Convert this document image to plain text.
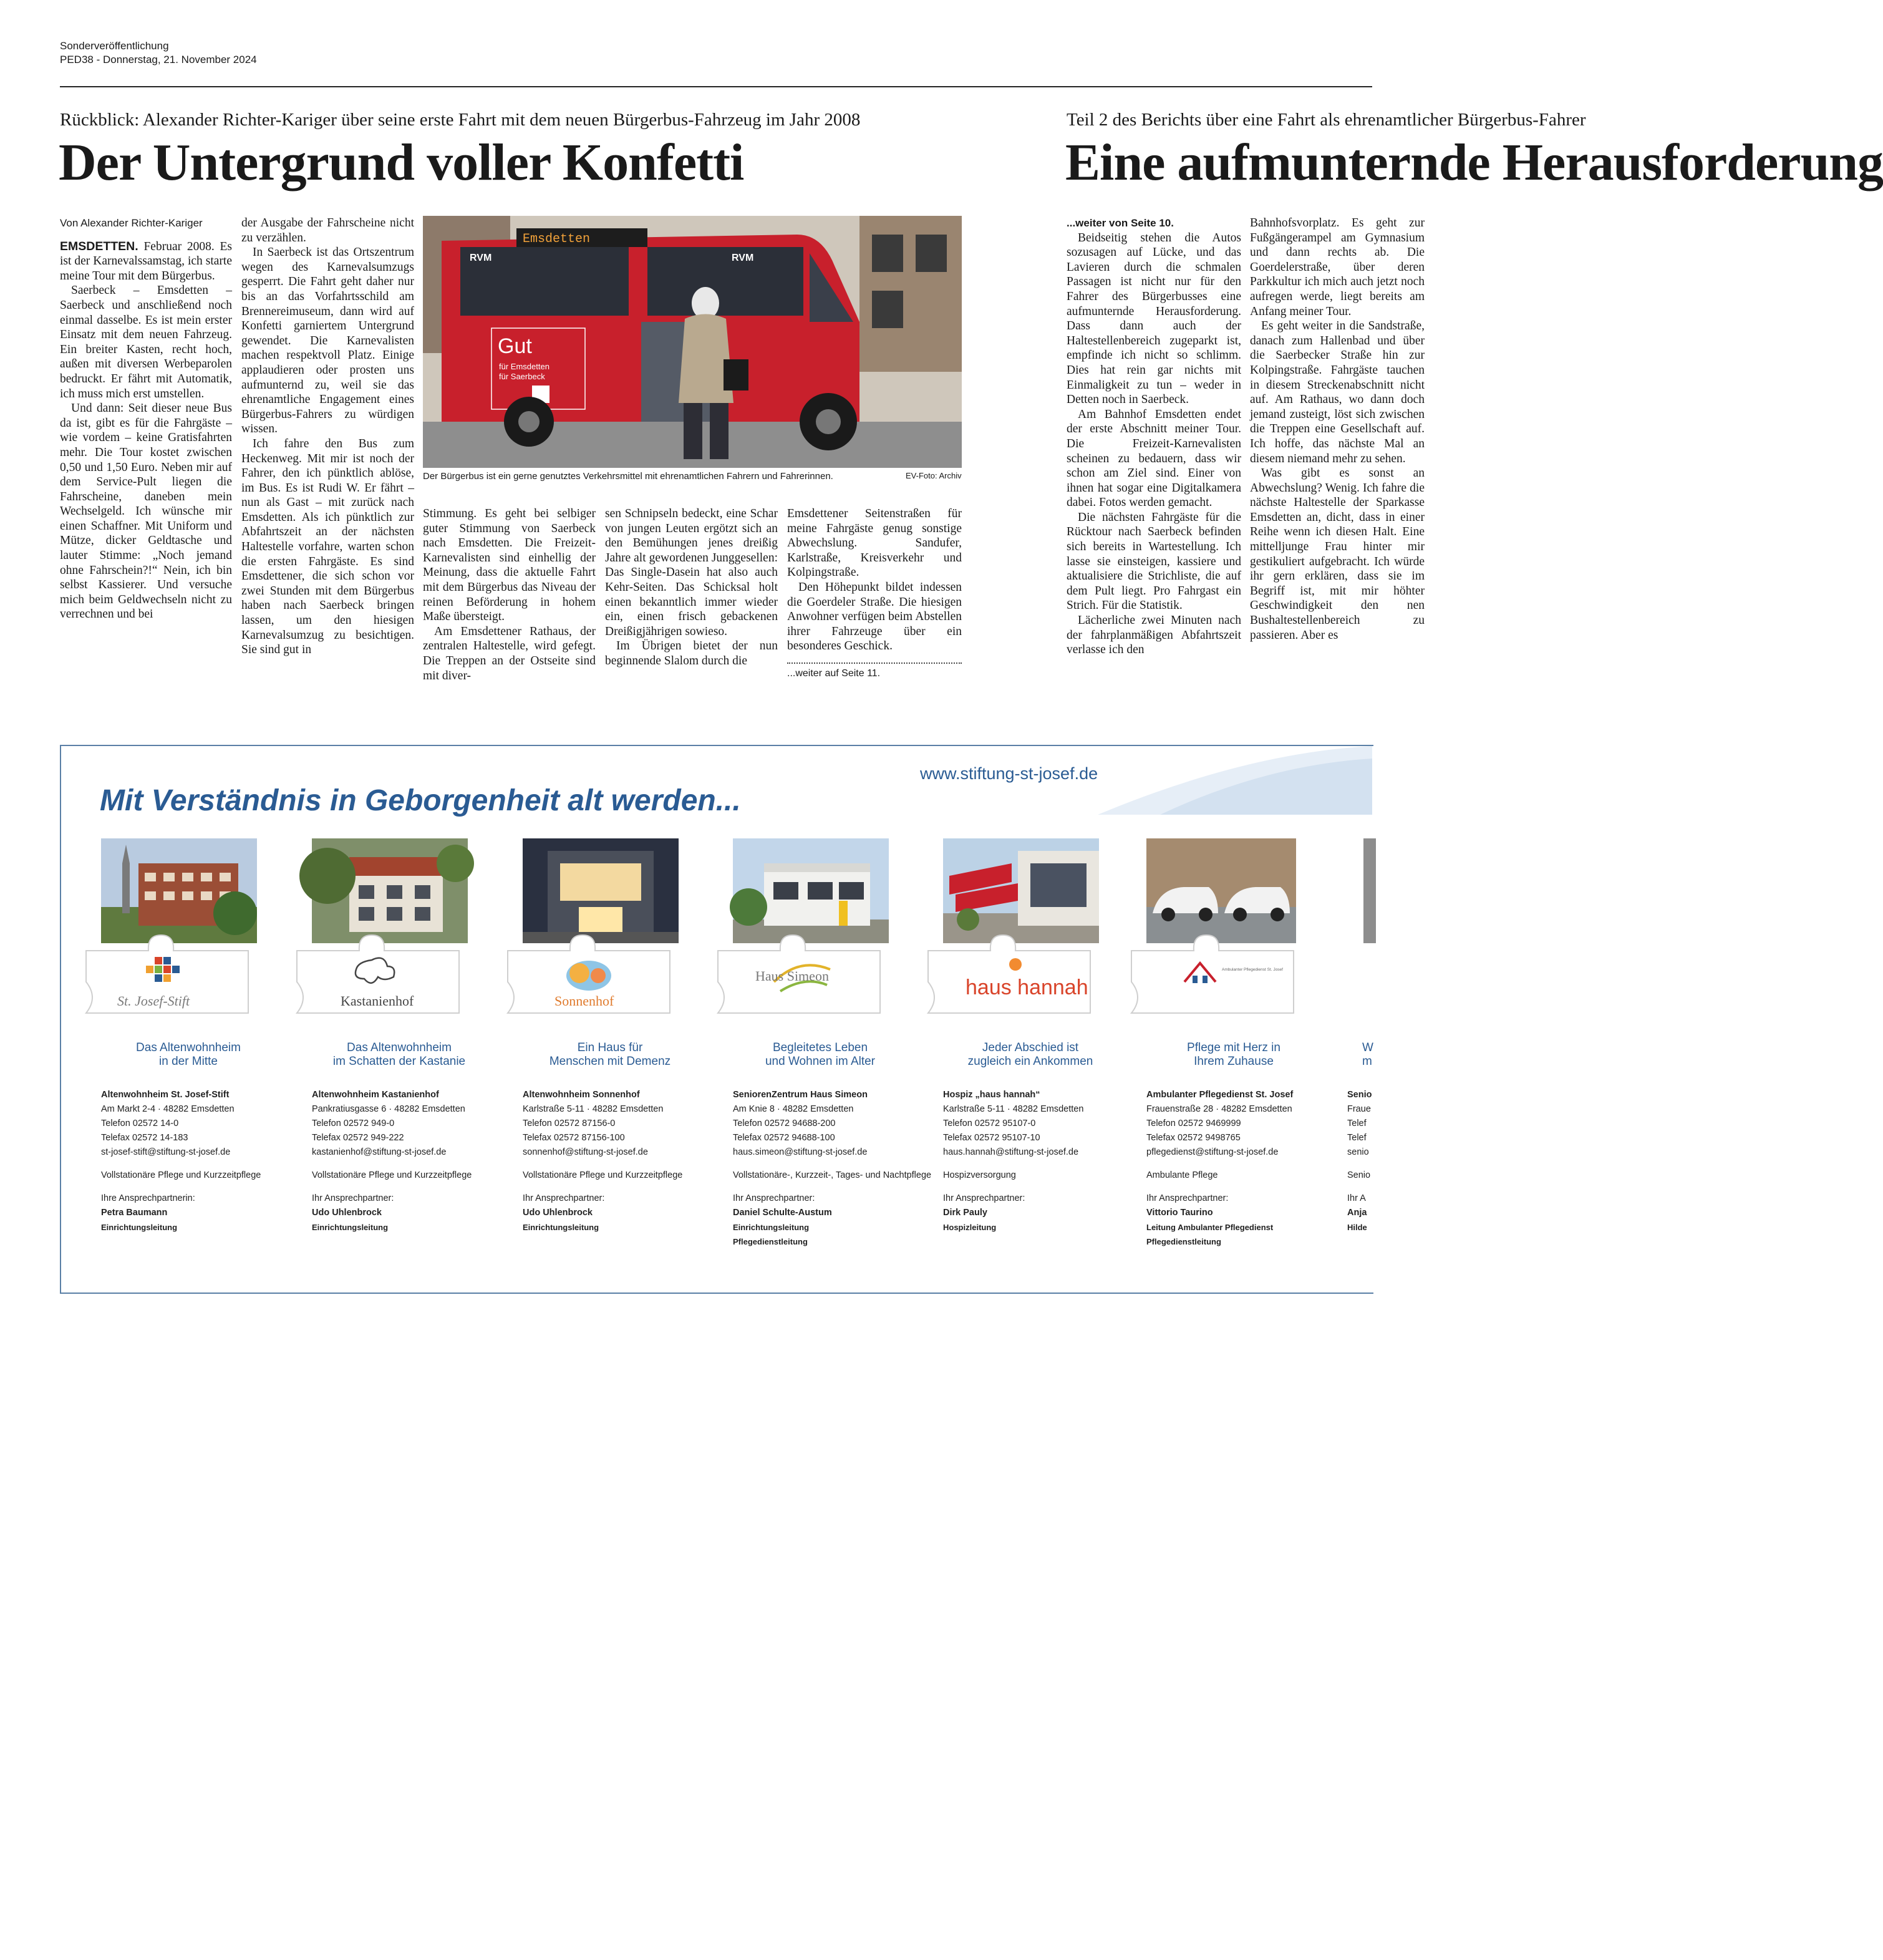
Sonderveröffentlichung
PED38 - Donnerstag, 21. November 2024
Rückblick: Alexander Richter-Kariger über seine erste Fahrt mit dem neuen Bürgerbus-Fahrzeug im Jahr 2008
Der Untergrund voller Konfetti
Von Alexander Richter-Kariger

EMSDETTEN. Februar 2008. Es ist der Karnevalssamstag, ich starte meine Tour mit dem Bürgerbus.

Saerbeck – Emsdetten – Saerbeck und anschließend noch einmal dasselbe. Es ist mein erster Einsatz mit dem neuen Fahrzeug. Ein breiter Kasten, recht hoch, außen mit diversen Werbeparolen bedruckt. Er fährt mit Automatik, ich muss mich erst umstellen.

Und dann: Seit dieser neue Bus da ist, gibt es für die Fahrgäste – wie vordem – keine Gratisfahrten mehr. Die Tour kostet zwischen 0,50 und 1,50 Euro. Neben mir auf dem Service-Pult liegen die Fahrscheine, daneben mein Wechselgeld. Ich wünsche mir einen Schaffner. Mit Uniform und Mütze, dicker Geldtasche und lauter Stimme: „Noch jemand ohne Fahrschein?!“ Nein, ich bin selbst Kassierer. Und versuche mich beim Geldwechseln nicht zu verrechnen und bei

der Ausgabe der Fahrscheine nicht zu verzählen.

In Saerbeck ist das Ortszentrum wegen des Karnevalsumzugs gesperrt. Die Fahrt geht daher nur bis an das Vorfahrtsschild am Brennereimuseum, dann wird auf Konfetti garniertem Untergrund gewendet. Die Karnevalisten machen respektvoll Platz. Einige applaudieren oder prosten uns aufmunternd zu, weil sie das ehrenamtliche Engagement eines Bürgerbus-Fahrers zu würdigen wissen.

Ich fahre den Bus zum Heckenweg. Mit mir ist noch der Fahrer, den ich pünktlich ablöse, im Bus. Es ist Rudi W. Er fährt – nun als Gast – mit zurück nach Emsdetten. Als ich pünktlich zur Abfahrtszeit an der nächsten Haltestelle vorfahre, warten schon die ersten Fahrgäste. Es sind Emsdettener, die sich schon vor zwei Stunden mit dem Bürgerbus haben nach Saerbeck bringen lassen, um den hiesigen Karnevalsumzug zu besichtigen. Sie sind gut in

Emsdetten
RVM	RVM
Gut
für Emsdetten
für Saerbeck
Der Bürgerbus ist ein gerne genutztes Verkehrsmittel mit ehrenamtlichen Fahrern und Fahrerinnen.	EV-Foto: Archiv

Stimmung. Es geht bei selbiger guter Stimmung von Saerbeck nach Emsdetten. Die Freizeit-Karnevalisten sind einhellig der Meinung, dass die aktuelle Fahrt mit dem Bürgerbus das Niveau der reinen Beförderung in hohem Maße übersteigt.

Am Emsdettener Rathaus, der zentralen Haltestelle, wird gefegt. Die Treppen an der Ostseite sind mit diver-

sen Schnipseln bedeckt, eine Schar von jungen Leuten ergötzt sich an den Bemühungen jenes dreißig Jahre alt gewordenen Junggesellen: Das Single-Dasein hat also auch Kehr-Seiten. Das Schicksal holt einen bekanntlich immer wieder ein, einen frisch gebackenen Dreißigjährigen sowieso.

Im Übrigen bietet der nun beginnende Slalom durch die

Emsdettener Seitenstraßen für meine Fahrgäste genug sonstige Abwechslung. Sandufer, Karlstraße, Kreisverkehr und Kolpingstraße.

Den Höhepunkt bildet indessen die Goerdeler Straße. Die hiesigen Anwohner verfügen beim Abstellen ihrer Fahrzeuge über ein besonderes Geschick.

...weiter auf Seite 11.
Teil 2 des Berichts über eine Fahrt als ehrenamtlicher Bürgerbus-Fahrer
Eine aufmunternde Herausforderung
...weiter von Seite 10.

Beidseitig stehen die Autos sozusagen auf Lücke, und das Lavieren durch die schmalen Passagen ist nicht nur für den Fahrer des Bürgerbusses eine aufmunternde Herausforderung. Dass dann auch der Haltestellenbereich zugeparkt ist, empfinde ich nicht so schlimm. Dies hat rein gar nichts mit Einmaligkeit zu tun – weder in Detten noch in Saerbeck.

Am Bahnhof Emsdetten endet der erste Abschnitt meiner Tour. Die Freizeit-Karnevalisten scheinen zu bedauern, dass wir schon am Ziel sind. Einer von ihnen hat sogar eine Digitalkamera dabei. Fotos werden gemacht.

Die nächsten Fahrgäste für die Rücktour nach Saerbeck befinden sich bereits in Wartestellung. Ich lasse sie einsteigen, kassiere und aktualisiere die Strichliste, die auf dem Pult liegt. Pro Fahrgast ein Strich. Für die Statistik.

Lächerliche zwei Minuten nach der fahrplanmäßigen Abfahrtszeit verlasse ich den

Bahnhofsvorplatz. Es geht zur Fußgängerampel am Gymnasium und dann rechts ab. Die Goerdelerstraße, über deren Parkkultur ich mich auch jetzt noch aufregen werde, liegt bereits am Anfang meiner Tour.

Es geht weiter in die Sandstraße, danach zum Hallenbad und über die Saerbecker Straße hin zur Kolpingstraße. Fahrgäste tauchen in diesem Streckenabschnitt nicht auf. Am Rathaus, wo dann doch jemand zusteigt, löst sich zwischen die Treppen eine Gesellschaft auf. Ich hoffe, das nächste Mal an diesem niemand mehr zu sehen.

Was gibt es sonst an Abwechslung? Wenig. Ich fahre die nächste Haltestelle der Sparkasse Emsdetten an, dicht, dass in einer Reihe wenn ich diesen Halt. Eine mittelljunge Frau hinter mir gestikuliert aufgebracht. Ich würde ihr gern erklären, dass sie im Begriff ist, mit mir höhter Geschwindigkeit den nen Bushaltestellenbereich zu passieren. Aber es

www.stiftung-st-josef.de
Mit Verständnis in Geborgenheit alt werden...
St. Josef-Stift
Das Altenwohnheim
in der Mitte
Altenwohnheim St. Josef-Stift
Am Markt 2-4 · 48282 Emsdetten
Telefon 02572 14-0
Telefax 02572 14-183
st-josef-stift@stiftung-st-josef.de
Vollstationäre Pflege und Kurzzeitpflege
Ihre Ansprechpartnerin:
Petra Baumann
Einrichtungsleitung
Kastanienhof
Das Altenwohnheim
im Schatten der Kastanie
Altenwohnheim Kastanienhof
Pankratiusgasse 6 · 48282 Emsdetten
Telefon 02572 949-0
Telefax 02572 949-222
kastanienhof@stiftung-st-josef.de
Vollstationäre Pflege und Kurzzeitpflege
Ihr Ansprechpartner:
Udo Uhlenbrock
Einrichtungsleitung
Sonnenhof
Ein Haus für
Menschen mit Demenz
Altenwohnheim Sonnenhof
Karlstraße 5-11 · 48282 Emsdetten
Telefon 02572 87156-0
Telefax 02572 87156-100
sonnenhof@stiftung-st-josef.de
Vollstationäre Pflege und Kurzzeitpflege
Ihr Ansprechpartner:
Udo Uhlenbrock
Einrichtungsleitung
Haus Simeon
Begleitetes Leben
und Wohnen im Alter
SeniorenZentrum Haus Simeon
Am Knie 8 · 48282 Emsdetten
Telefon 02572 94688-200
Telefax 02572 94688-100
haus.simeon@stiftung-st-josef.de
Vollstationäre-, Kurzzeit-, Tages- und Nachtpflege
Ihr Ansprechpartner:
Daniel Schulte-Austum
Einrichtungsleitung
Pflegedienstleitung
haus hannah
Jeder Abschied ist
zugleich ein Ankommen
Hospiz „haus hannah“
Karlstraße 5-11 · 48282 Emsdetten
Telefon 02572 95107-0
Telefax 02572 95107-10
haus.hannah@stiftung-st-josef.de
Hospizversorgung
Ihr Ansprechpartner:
Dirk Pauly
Hospizleitung
Ambulanter Pflegedienst St. Josef
Pflege mit Herz in
Ihrem Zuhause
Ambulanter Pflegedienst St. Josef
Frauenstraße 28 · 48282 Emsdetten
Telefon 02572 9469999
Telefax 02572 9498765
pflegedienst@stiftung-st-josef.de
Ambulante Pflege
Ihr Ansprechpartner:
Vittorio Taurino
Leitung Ambulanter Pflegedienst
Pflegedienstleitung
W
m
Senio
Fraue
Telef
Telef
senio
Senio
Ihr A
Anja
Hilde
